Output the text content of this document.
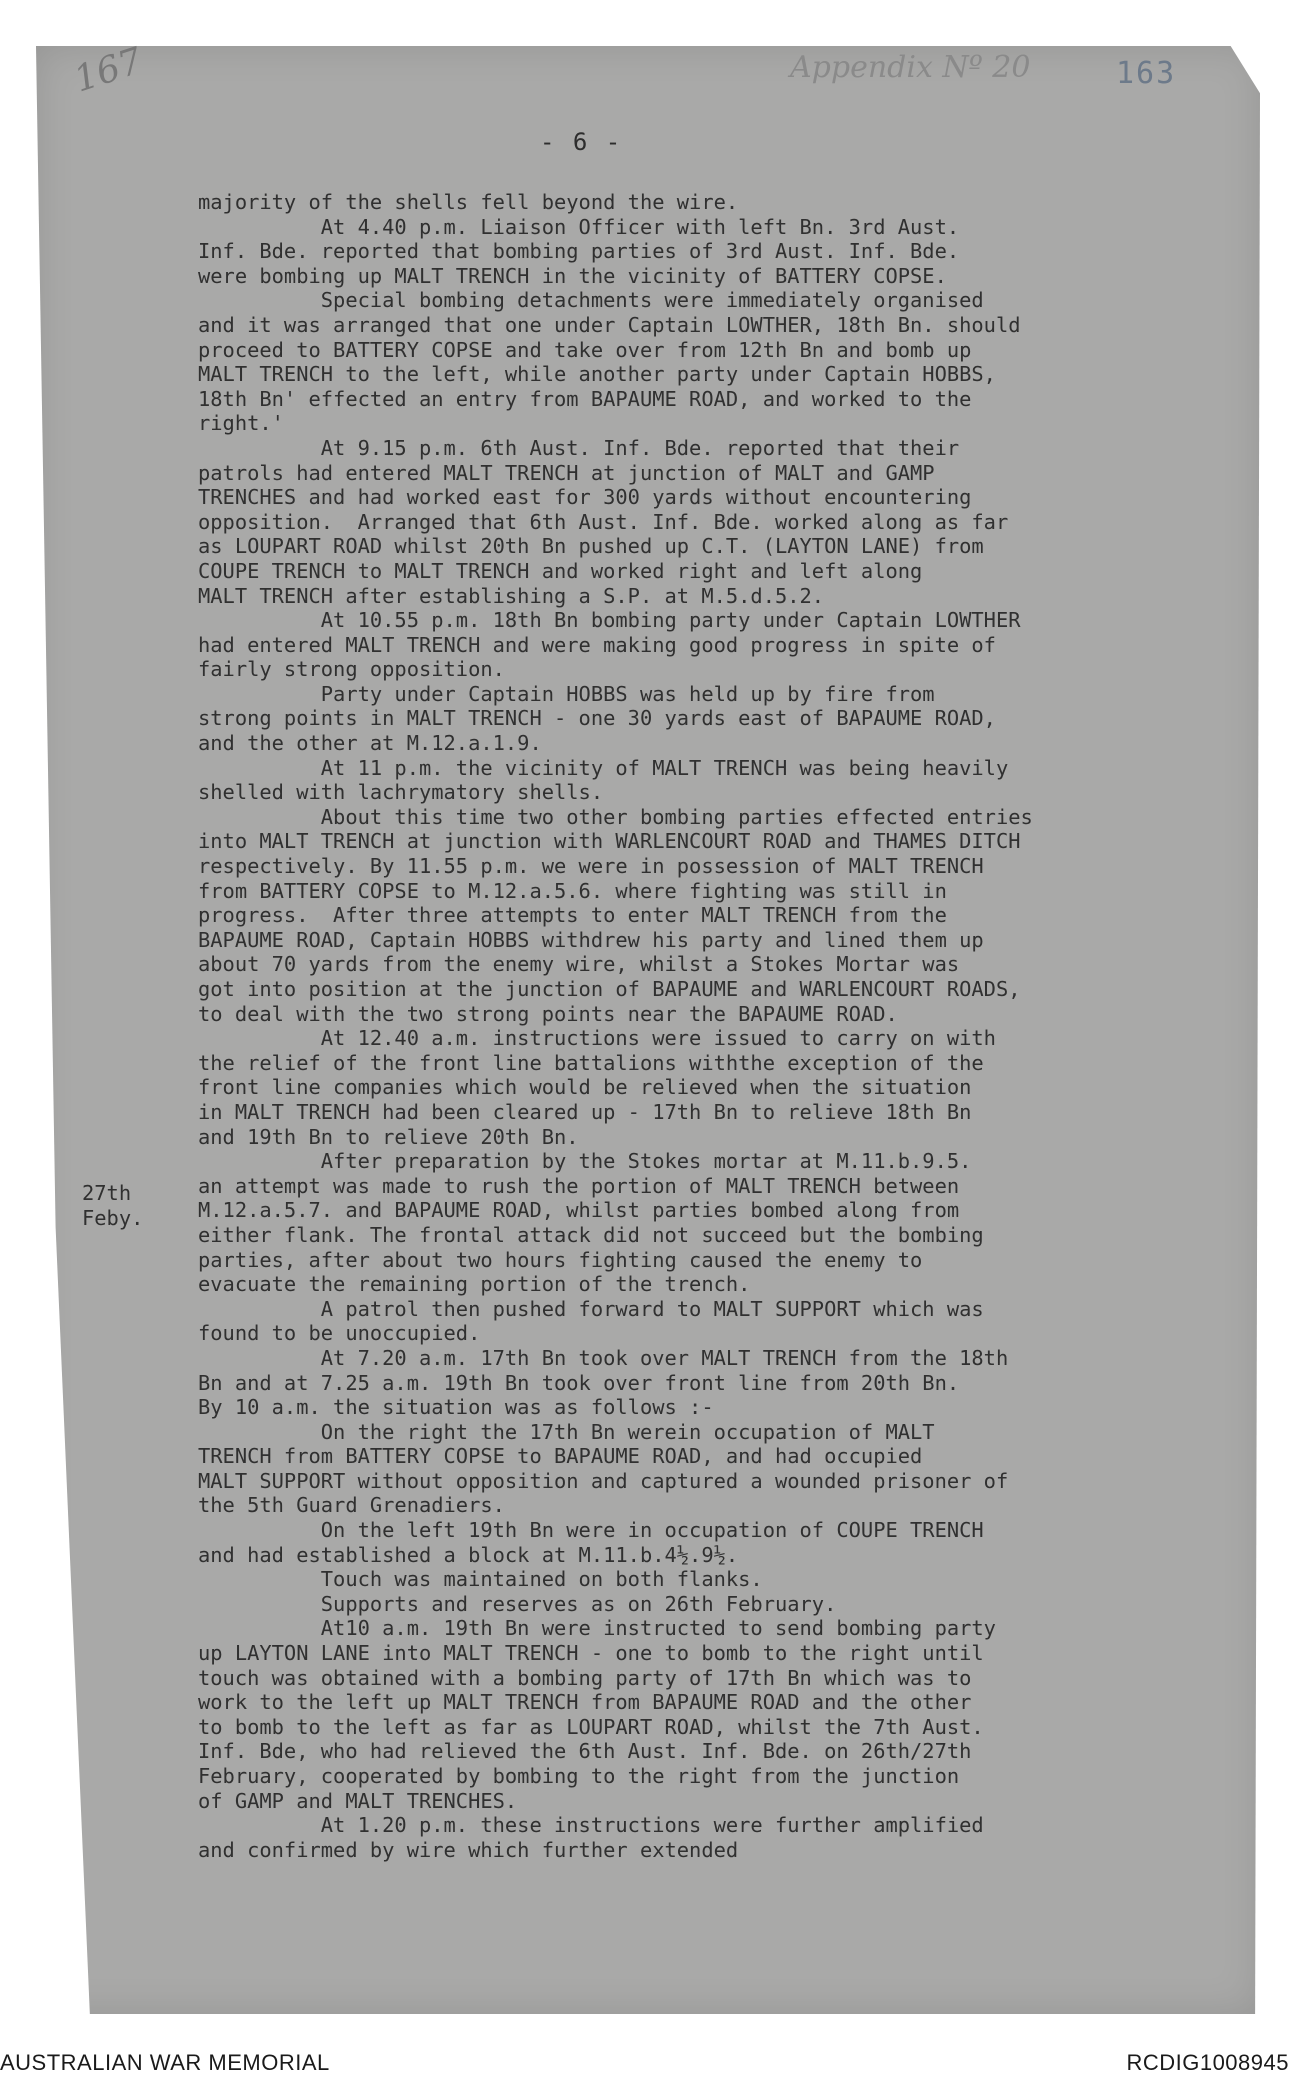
167	Appendix Nº 20	163
- 6 -
27th
Feby.
majority of the shells fell beyond the wire.
At 4.40 p.m. Liaison Officer with left Bn. 3rd Aust.
Inf. Bde. reported that bombing parties of 3rd Aust. Inf. Bde.
were bombing up MALT TRENCH in the vicinity of BATTERY COPSE.
Special bombing detachments were immediately organised
and it was arranged that one under Captain LOWTHER, 18th Bn. should
proceed to BATTERY COPSE and take over from 12th Bn and bomb up
MALT TRENCH to the left, while another party under Captain HOBBS,
18th Bn' effected an entry from BAPAUME ROAD, and worked to the
right.'
At 9.15 p.m. 6th Aust. Inf. Bde. reported that their
patrols had entered MALT TRENCH at junction of MALT and GAMP
TRENCHES and had worked east for 300 yards without encountering
opposition.  Arranged that 6th Aust. Inf. Bde. worked along as far
as LOUPART ROAD whilst 20th Bn pushed up C.T. (LAYTON LANE) from
COUPE TRENCH to MALT TRENCH and worked right and left along
MALT TRENCH after establishing a S.P. at M.5.d.5.2.
At 10.55 p.m. 18th Bn bombing party under Captain LOWTHER
had entered MALT TRENCH and were making good progress in spite of
fairly strong opposition.
Party under Captain HOBBS was held up by fire from
strong points in MALT TRENCH - one 30 yards east of BAPAUME ROAD,
and the other at M.12.a.1.9.
At 11 p.m. the vicinity of MALT TRENCH was being heavily
shelled with lachrymatory shells.
About this time two other bombing parties effected entries
into MALT TRENCH at junction with WARLENCOURT ROAD and THAMES DITCH
respectively. By 11.55 p.m. we were in possession of MALT TRENCH
from BATTERY COPSE to M.12.a.5.6. where fighting was still in
progress.  After three attempts to enter MALT TRENCH from the
BAPAUME ROAD, Captain HOBBS withdrew his party and lined them up
about 70 yards from the enemy wire, whilst a Stokes Mortar was
got into position at the junction of BAPAUME and WARLENCOURT ROADS,
to deal with the two strong points near the BAPAUME ROAD.
At 12.40 a.m. instructions were issued to carry on with
the relief of the front line battalions withthe exception of the
front line companies which would be relieved when the situation
in MALT TRENCH had been cleared up - 17th Bn to relieve 18th Bn
and 19th Bn to relieve 20th Bn.
After preparation by the Stokes mortar at M.11.b.9.5.
an attempt was made to rush the portion of MALT TRENCH between
M.12.a.5.7. and BAPAUME ROAD, whilst parties bombed along from
either flank. The frontal attack did not succeed but the bombing
parties, after about two hours fighting caused the enemy to
evacuate the remaining portion of the trench.
A patrol then pushed forward to MALT SUPPORT which was
found to be unoccupied.
At 7.20 a.m. 17th Bn took over MALT TRENCH from the 18th
Bn and at 7.25 a.m. 19th Bn took over front line from 20th Bn.
By 10 a.m. the situation was as follows :-
On the right the 17th Bn werein occupation of MALT
TRENCH from BATTERY COPSE to BAPAUME ROAD, and had occupied
MALT SUPPORT without opposition and captured a wounded prisoner of
the 5th Guard Grenadiers.
On the left 19th Bn were in occupation of COUPE TRENCH
and had established a block at M.11.b.4½.9½.
Touch was maintained on both flanks.
Supports and reserves as on 26th February.
At10 a.m. 19th Bn were instructed to send bombing party
up LAYTON LANE into MALT TRENCH - one to bomb to the right until
touch was obtained with a bombing party of 17th Bn which was to
work to the left up MALT TRENCH from BAPAUME ROAD and the other
to bomb to the left as far as LOUPART ROAD, whilst the 7th Aust.
Inf. Bde, who had relieved the 6th Aust. Inf. Bde. on 26th/27th
February, cooperated by bombing to the right from the junction
of GAMP and MALT TRENCHES.
At 1.20 p.m. these instructions were further amplified
and confirmed by wire which further extended
AUSTRALIAN WAR MEMORIAL	RCDIG1008945
